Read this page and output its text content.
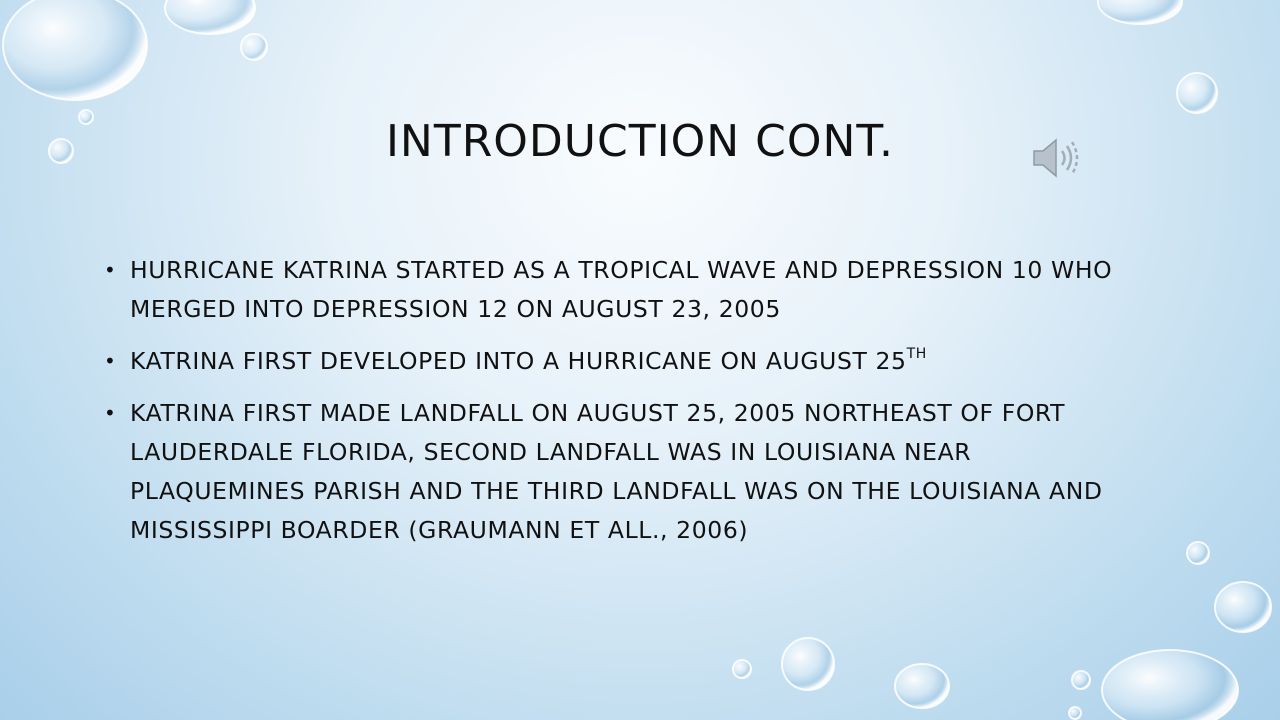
INTRODUCTION CONT.
• HURRICANE KATRINA STARTED AS A TROPICAL WAVE AND DEPRESSION 10 WHO
MERGED INTO DEPRESSION 12 ON AUGUST 23, 2005
• KATRINA FIRST DEVELOPED INTO A HURRICANE ON AUGUST 25TH
• KATRINA FIRST MADE LANDFALL ON AUGUST 25, 2005 NORTHEAST OF FORT
LAUDERDALE FLORIDA, SECOND LANDFALL WAS IN LOUISIANA NEAR
PLAQUEMINES PARISH AND THE THIRD LANDFALL WAS ON THE LOUISIANA AND
MISSISSIPPI BOARDER (GRAUMANN ET ALL., 2006)
